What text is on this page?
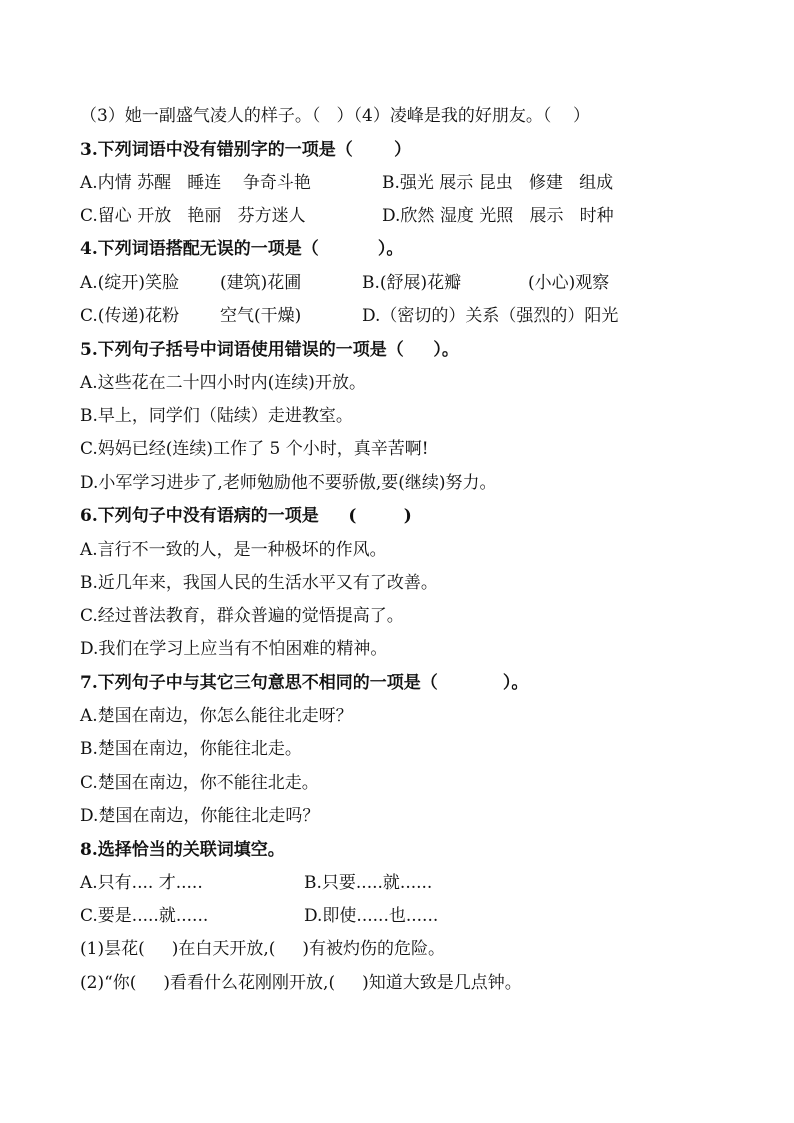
（3）她一副盛气凌人的样子。（   ）（4）凌峰是我的好朋友。（    ）
3.下列词语中没有错别字的一项是（       ）
A.内情 苏醒   睡连    争奇斗艳	B.强光 展示 昆虫   修建   组成
C.留心 开放   艳丽   芬方迷人	D.欣然 湿度 光照   展示   时种
4.下列词语搭配无误的一项是（          ）。
A.(绽开)笑脸 (建筑)花圃	B.(舒展)花瓣	(小心)观察
C.(传递)花粉 空气(干燥)	D.（密切的）关系（强烈的）阳光
5.下列句子括号中词语使用错误的一项是（     ）。
A.这些花在二十四小时内(连续)开放。
B.早上，同学们（陆续）走进教室。
C.妈妈已经(连续)工作了 5 个小时，真辛苦啊!
D.小军学习进步了,老师勉励他不要骄傲,要(继续)努力。
6.下列句子中没有语病的一项是     (        )
A.言行不一致的人，是一种极坏的作风。
B.近几年来，我国人民的生活水平又有了改善。
C.经过普法教育，群众普遍的觉悟提高了。
D.我们在学习上应当有不怕困难的精神。
7.下列句子中与其它三句意思不相同的一项是（           ）。
A.楚国在南边，你怎么能往北走呀？
B.楚国在南边，你能往北走。
C.楚国在南边，你不能往北走。
D.楚国在南边，你能往北走吗？
8.选择恰当的关联词填空。
A.只有.... 才.....	B.只要.....就......
C.要是.....就......	D.即使......也......
(1)昙花(     )在白天开放,(     )有被灼伤的危险。
(2)“你(     )看看什么花刚刚开放,(     )知道大致是几点钟。
